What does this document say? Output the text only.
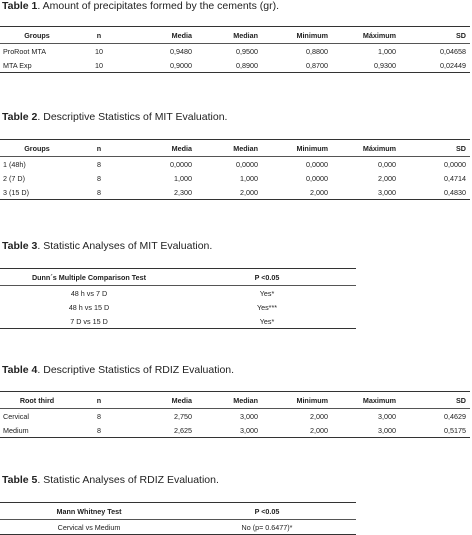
Table 1. Amount of precipitates formed by the cements (gr).
Groups	n	Media	Median	Minimum	Máximum	SD
ProRoot MTA	10	0,9480	0,9500	0,8800	1,000	0,04658
MTA Exp	10	0,9000	0,8900	0,8700	0,9300	0,02449
Table 2. Descriptive Statistics of MIT Evaluation.
Groups	n	Media	Median	Minimum	Máximum	SD
1 (48h)	8	0,0000	0,0000	0,0000	0,000	0,0000
2 (7 D)	8	1,000	1,000	0,0000	2,000	0,4714
3 (15 D)	8	2,300	2,000	2,000	3,000	0,4830
Table 3. Statistic Analyses of MIT Evaluation.
Dunn´s Multiple Comparison Test	P <0.05
48 h vs 7 D	Yes*
48 h vs 15 D	Yes***
7 D vs 15 D	Yes*
Table 4. Descriptive Statistics of RDIZ Evaluation.
Root third	n	Media	Median	Minimum	Maximum	SD
Cervical	8	2,750	3,000	2,000	3,000	0,4629
Medium	8	2,625	3,000	2,000	3,000	0,5175
Table 5. Statistic Analyses of RDIZ Evaluation.
Mann Whitney Test	P <0.05
Cervical vs Medium	No (p= 0.6477)*
